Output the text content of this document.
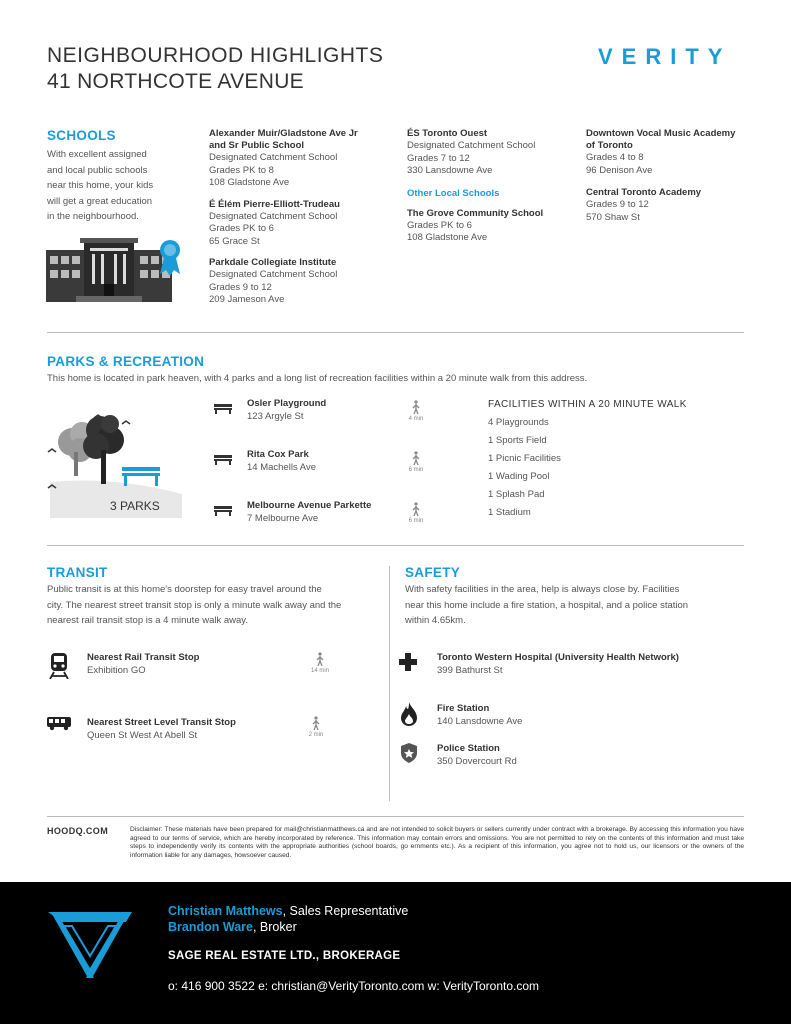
NEIGHBOURHOOD HIGHLIGHTS
41 NORTHCOTE AVENUE
VERITY
SCHOOLS
With excellent assigned
and local public schools
near this home, your kids
will get a great education
in the neighbourhood.
Alexander Muir/Gladstone Ave Jr
and Sr Public School
Designated Catchment School
Grades PK to 8
108 Gladstone Ave
É Élém Pierre-Elliott-Trudeau
Designated Catchment School
Grades PK to 6
65 Grace St
Parkdale Collegiate Institute
Designated Catchment School
Grades 9 to 12
209 Jameson Ave
ÉS Toronto Ouest
Designated Catchment School
Grades 7 to 12
330 Lansdowne Ave
Other Local Schools
The Grove Community School
Grades PK to 6
108 Gladstone Ave
Downtown Vocal Music Academy
of Toronto
Grades 4 to 8
96 Denison Ave
Central Toronto Academy
Grades 9 to 12
570 Shaw St
PARKS & RECREATION
This home is located in park heaven, with 4 parks and a long list of recreation facilities within a 20 minute walk from this address.
3 PARKS
Osler Playground
123 Argyle St	4 min
Rita Cox Park
14 Machells Ave	6 min
Melbourne Avenue Parkette
7 Melbourne Ave	6 min
FACILITIES WITHIN A 20 MINUTE WALK
4 Playgrounds
1 Sports Field
1 Picnic Facilities
1 Wading Pool
1 Splash Pad
1 Stadium
TRANSIT
Public transit is at this home's doorstep for easy travel around the
city. The nearest street transit stop is only a minute walk away and the
nearest rail transit stop is a 4 minute walk away.
Nearest Rail Transit Stop
Exhibition GO	14 min
Nearest Street Level Transit Stop
Queen St West At Abell St	2 min
SAFETY
With safety facilities in the area, help is always close by. Facilities
near this home include a fire station, a hospital, and a police station
within 4.65km.
Toronto Western Hospital (University Health Network)
399 Bathurst St
Fire Station
140 Lansdowne Ave
Police Station
350 Dovercourt Rd
HOODQ.COM	Disclaimer: These materials have been prepared for mail@christianmatthews.ca and are not intended to solicit buyers or sellers currently under contract with a brokerage. By accessing this information you have agreed to our terms of service, which are hereby incorporated by reference. This information may contain errors and omissions. You are not permitted to rely on the contents of this information and must take steps to independently verify its contents with the appropriate authorities (school boards, go ernments etc.). As a recipient of this information, you agree not to hold us, our licensors or the owners of the information liable for any damages, howsoever caused.
Christian Matthews, Sales Representative
Brandon Ware, Broker
SAGE REAL ESTATE LTD., BROKERAGE
o: 416 900 3522 e: christian@VerityToronto.com w: VerityToronto.com
